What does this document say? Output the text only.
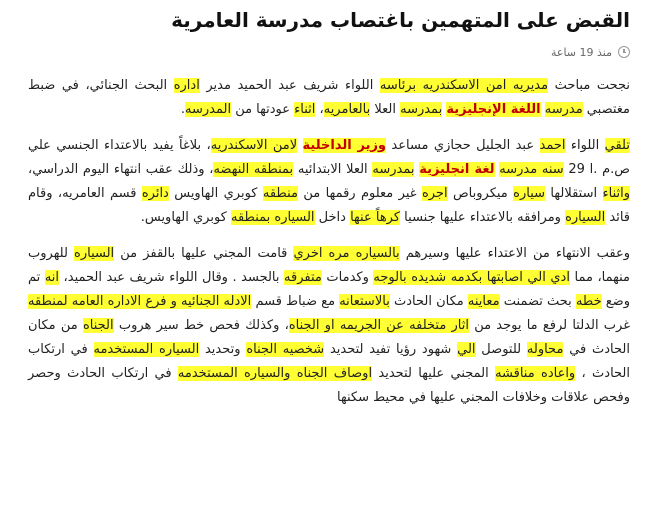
القبض على المتهمين باغتصاب مدرسة العامرية
منذ 19 ساعة

نجحت مباحث مديريه امن الاسكندريه برئاسه اللواء شريف عبد الحميد مدير اداره البحث الجنائي، في ضبط مغتصبي مدرسه اللغة الإنجليزية بمدرسه العلا بالعامريه، اثناء عودتها من المدرسه.

تلقي اللواء احمد عبد الجليل حجازي مساعد وزير الداخلية لامن الاسكندريه، بلاغاً يفيد بالاعتداء الجنسي علي ص.م .ا 29 سنه مدرسه لغة انجليزية بمدرسه العلا الابتدائيه بمنطقه النهضه، وذلك عقب انتهاء اليوم الدراسي، واثناء استقلالها سياره ميكروباص اجره غير معلوم رقمها من منطقه كوبري الهاويس دائره قسم العامريه، وقام قائد السياره ومرافقه بالاعتداء عليها جنسيا كرهاً عنها داخل السياره بمنطقه كوبري الهاويس.

وعقب الانتهاء من الاعتداء عليها وسيرهم بالسياره مره اخري قامت المجني عليها بالقفز من السياره للهروب منهما، مما ادي الي اصابتها بكدمه شديده بالوجه وكدمات متفرقه بالجسد . وقال اللواء شريف عبد الحميد، انه تم وضع خطه بحث تضمنت معاينه مكان الحادث بالاستعانه مع ضباط قسم الادله الجنائيه و فرع الاداره العامه لمنطقه غرب الدلتا لرفع ما يوجد من اثار متخلفه عن الجريمه او الجناه، وكذلك فحص خط سير هروب الجناه من مكان الحادث في محاوله للتوصل الي شهود رؤيا تفيد لتحديد شخصيه الجناه وتحديد السياره المستخدمه في ارتكاب الحادث ، واعاده مناقشه المجني عليها لتحديد اوصاف الجناه والسياره المستخدمه في ارتكاب الحادث وحصر وفحص علاقات وخلافات المجني عليها في محيط سكنها
